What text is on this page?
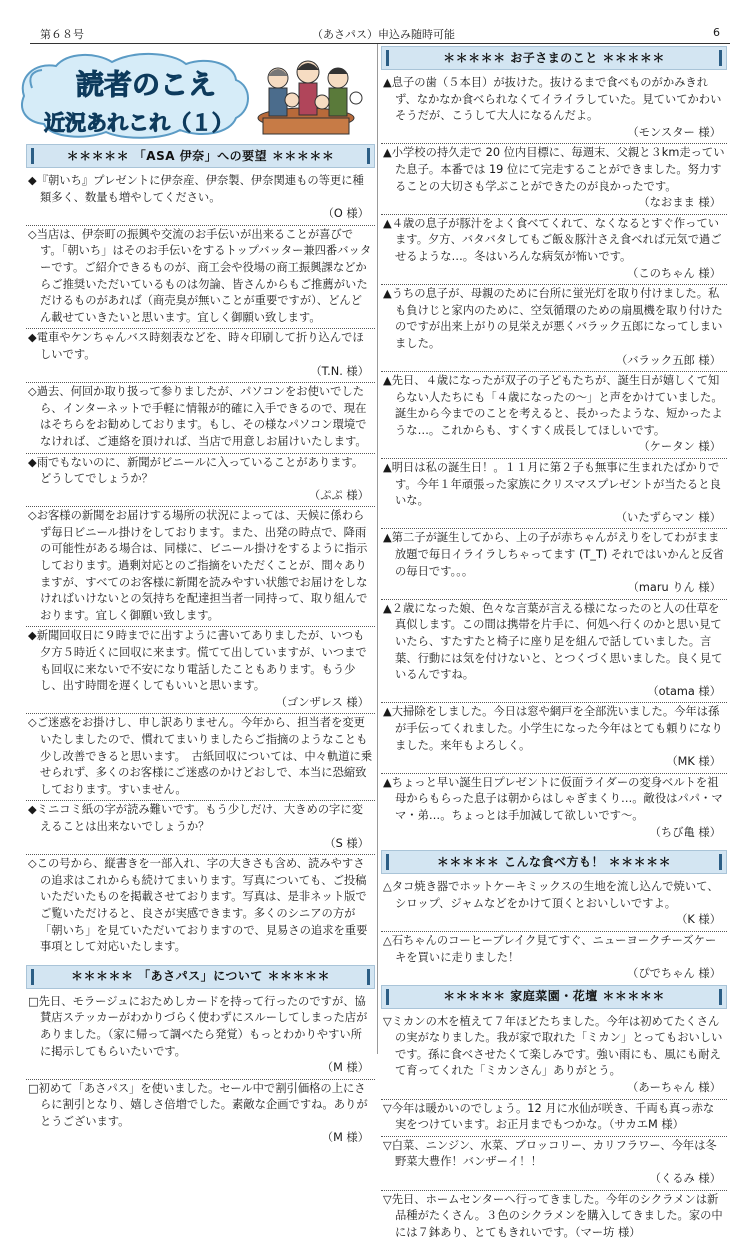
第６８号	（あさパス）申込み随時可能	6
読者のこえ
近況あれこれ（１）
＊＊＊＊＊ 「ASA 伊奈」への要望 ＊＊＊＊＊
◆『朝いち』プレゼントに伊奈産、伊奈製、伊奈関連もの等更に種類多く、数量も増やしてください。
（O 様）
◇当店は、伊奈町の振興や交流のお手伝いが出来ることが喜びです。「朝いち」はそのお手伝いをするトップバッター兼四番バッターです。ご紹介できるものが、商工会や役場の商工振興課などからご推奨いただいているものは勿論、皆さんからもご推薦がいただけるものがあれば（商売臭が無いことが重要ですが）、どんどん載せていきたいと思います。宜しく御願い致します。
◆電車やケンちゃんバス時刻表などを、時々印刷して折り込んでほしいです。
（T.N. 様）
◇過去、何回か取り扱って参りましたが、パソコンをお使いでしたら、インターネットで手軽に情報が的確に入手できるので、現在はそちらをお勧めしております。もし、その様なパソコン環境でなければ、ご連絡を頂ければ、当店で用意しお届けいたします。
◆雨でもないのに、新聞がビニールに入っていることがあります。どうしてでしょうか？
（ぷぷ 様）
◇お客様の新聞をお届けする場所の状況によっては、天候に係わらず毎日ビニール掛けをしております。また、出発の時点で、降雨の可能性がある場合は、同様に、ビニール掛けをするように指示しております。過剰対応とのご指摘をいただくことが、間々ありますが、すべてのお客様に新聞を読みやすい状態でお届けをしなければいけないとの気持ちを配達担当者一同持って、取り組んでおります。宜しく御願い致します。
◆新聞回収日に９時までに出すように書いてありましたが、いつも夕方５時近くに回収に来ます。慌てて出していますが、いつまでも回収に来ないで不安になり電話したこともあります。もう少し、出す時間を遅くしてもいいと思います。
（ゴンザレス 様）
◇ご迷惑をお掛けし、申し訳ありません。今年から、担当者を変更いたしましたので、慣れてまいりましたらご指摘のようなことも少し改善できると思います。　古紙回収については、中々軌道に乗せられず、多くのお客様にご迷惑のかけどおしで、本当に恐縮致しております。すいません。
◆ミニコミ紙の字が読み難いです。もう少しだけ、大きめの字に変えることは出来ないでしょうか？
（S 様）
◇この号から、縦書きを一部入れ、字の大きさも含め、読みやすさの追求はこれからも続けてまいります。写真についても、ご投稿いただいたものを掲載させております。写真は、是非ネット版でご覧いただけると、良さが実感できます。多くのシニアの方が「朝いち」を見ていただいておりますので、見易さの追求を重要事項として対応いたします。
＊＊＊＊＊ 「あさパス」について ＊＊＊＊＊
□先日、モラージュにおためしカードを持って行ったのですが、協賛店ステッカーがわかりづらく使わずにスルーしてしまった店がありました。（家に帰って調べたら発覚）もっとわかりやすい所に掲示してもらいたいです。
（M 様）
□初めて「あさパス」を使いました。セール中で割引価格の上にさらに割引となり、嬉しさ倍増でした。素敵な企画ですね。ありがとうございます。
（M 様）
＊＊＊＊＊ お子さまのこと ＊＊＊＊＊
▲息子の歯（５本目）が抜けた。抜けるまで食べものがかみきれず、なかなか食べられなくてイライラしていた。見ていてかわいそうだが、こうして大人になるんだよ。
（モンスター 様）
▲小学校の持久走で 20 位内目標に、毎週末、父親と３km走っていた息子。本番では 19 位にて完走することができました。努力することの大切さも学ぶことができたのが良かったです。
（なおまま 様）
▲４歳の息子が豚汁をよく食べてくれて、なくなるとすぐ作っています。夕方、バタバタしてもご飯＆豚汁さえ食べれば元気で過ごせるような…。冬はいろんな病気が怖いです。
（このちゃん 様）
▲うちの息子が、母親のために台所に蛍光灯を取り付けました。私も負けじと家内のために、空気循環のための扇風機を取り付けたのですが出来上がりの見栄えが悪くバラック五郎になってしまいました。
（バラック五郎 様）
▲先日、４歳になったが双子の子どもたちが、誕生日が嬉しくて知らない人たちにも「４歳になったの〜」と声をかけていました。誕生から今までのことを考えると、長かったような、短かったような…。これからも、すくすく成長してほしいです。
（ケータン 様）
▲明日は私の誕生日！。１１月に第２子も無事に生まれたばかりです。今年１年頑張った家族にクリスマスプレゼントが当たると良いな。
（いたずらマン 様）
▲第二子が誕生してから、上の子が赤ちゃんがえりをしてわがまま放題で毎日イライラしちゃってます (T_T) それではいかんと反省の毎日です。。。
（maru りん 様）
▲２歳になった娘、色々な言葉が言える様になったのと人の仕草を真似します。この間は携帯を片手に、何処へ行くのかと思い見ていたら、すたすたと椅子に座り足を組んで話していました。言葉、行動には気を付けないと、とつくづく思いました。良く見ているんですね。
（otama 様）
▲大掃除をしました。今日は窓や網戸を全部洗いました。今年は孫が手伝ってくれました。小学生になった今年はとても頼りになりました。来年もよろしく。
（MK 様）
▲ちょっと早い誕生日プレゼントに仮面ライダーの変身ベルトを祖母からもらった息子は朝からはしゃぎまくり…。敵役はパパ・ママ・弟…。ちょっとは手加減して欲しいです〜。
（ちび亀 様）
＊＊＊＊＊ こんな食べ方も！ ＊＊＊＊＊
△タコ焼き器でホットケーキミックスの生地を流し込んで焼いて、シロップ、ジャムなどをかけて頂くとおいしいですよ。
（K 様）
△石ちゃんのコーヒーブレイク見てすぐ、ニューヨークチーズケーキを買いに走りました！
（ぴでちゃん 様）
＊＊＊＊＊ 家庭菜園・花壇 ＊＊＊＊＊
▽ミカンの木を植えて７年ほどたちました。今年は初めてたくさんの実がなりました。我が家で取れた「ミカン」とってもおいしいです。孫に食べさせたくて楽しみです。強い雨にも、風にも耐えて育ってくれた「ミカンさん」ありがとう。
（あーちゃん 様）
▽今年は暖かいのでしょう。12 月に水仙が咲き、千両も真っ赤な実をつけています。お正月までもつかな。（サカエM 様）
▽白菜、ニンジン、水菜、ブロッコリー、カリフラワー、今年は冬野菜大豊作！バンザーイ！！
（くるみ 様）
▽先日、ホームセンターへ行ってきました。今年のシクラメンは新品種がたくさん。３色のシクラメンを購入してきました。家の中には７鉢あり、とてもきれいです。（マー坊 様）
